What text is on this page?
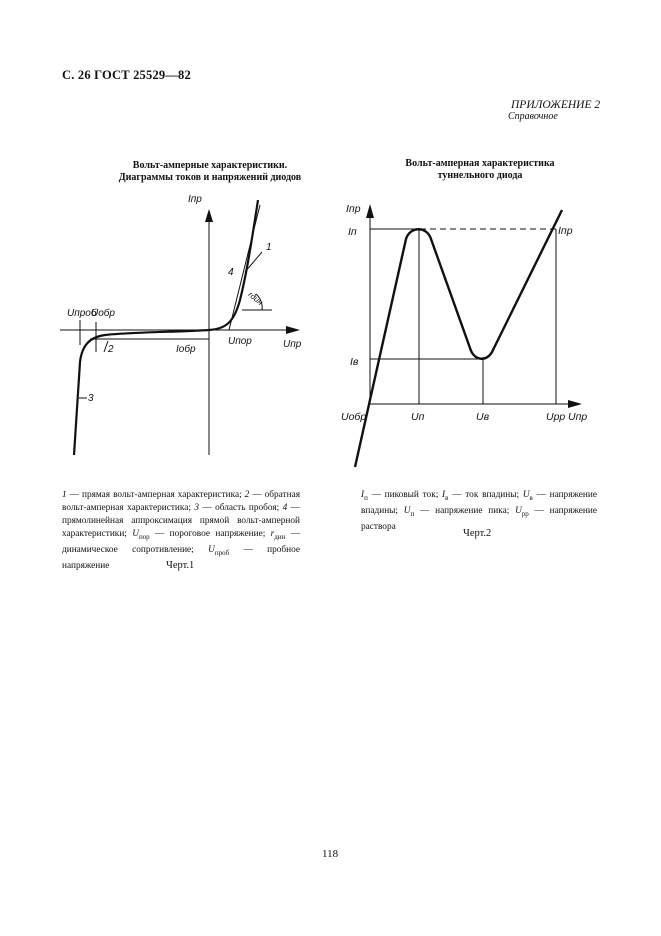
С. 26 ГОСТ 25529—82
ПРИЛОЖЕНИЕ 2
Справочное
Вольт-амперные характеристики.
Диаграммы токов и напряжений диодов
Вольт-амперная характеристика
туннельного диода
Iпр
Uпр
Uпроб
Uобр
Iобр
Uпор
rдин
1
2
3
4
Iпр
Iп
Iв
Iпр
Uобр	Uп	Uв	Uрр Uпр
1 — прямая вольт-амперная характеристика; 2 — обратная вольт-амперная характеристика; 3 — область пробоя; 4 — прямолинейная аппроксимация прямой вольт-амперной характеристики; $U_{пор}$ — пороговое напряжение; $r_{дин}$ — динамическое сопротивление; $U_{проб}$ — пробное напряжение	Черт.1
$I_п$ — пиковый ток; $I_в$ — ток впадины; $U_в$ — напряжение впадины; $U_п$ — напряжение пика; $U_{рр}$ — напряжение раствора
Черт.2
118
